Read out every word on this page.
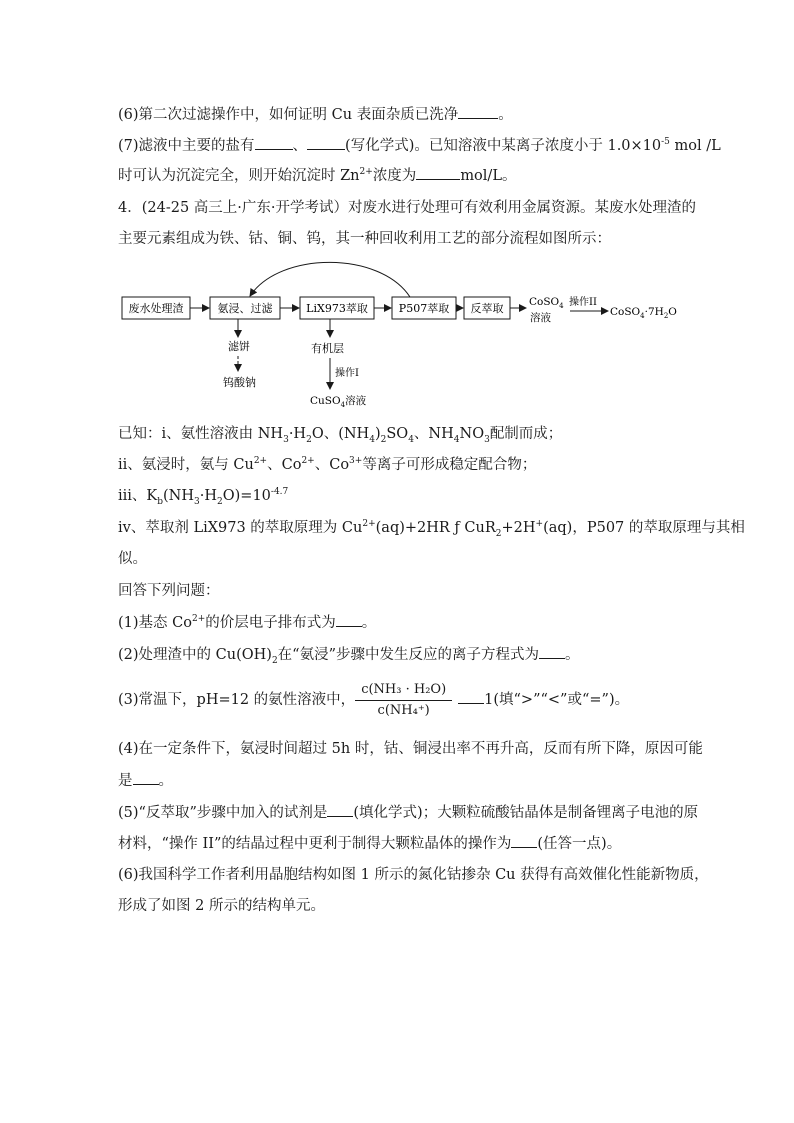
(6)第二次过滤操作中，如何证明 Cu 表面杂质已洗净	。
(7)滤液中主要的盐有	、	(写化学式)。已知溶液中某离子浓度小于 $1.0\times 10^{-5}$ mol /L
时可认为沉淀完全，则开始沉淀时 $Zn^{2+}$浓度为	mol/L。
4．(24-25 高三上·广东·开学考试）对废水进行处理可有效利用金属资源。某废水处理渣的
主要元素组成为铁、钴、铜、钨，其一种回收利用工艺的部分流程如图所示：
废水处理渣	氨浸、过滤	LiX973萃取	P507萃取 反萃取 CoSO$_4$
溶液
操作II
$CoSO_4\cdot 7H_2O$
滤饼
钨酸钠
有机层
操作I
CuSO$_4$溶液
已知：ⅰ、氨性溶液由 $NH_3\cdot H_2O$、$(NH_4)_2SO_4$、$NH_4NO_3$配制而成；
ⅱ、氨浸时，氨与 $Cu^{2+}$、$Co^{2+}$、$Co^{3+}$等离子可形成稳定配合物；
ⅲ、$K_b(NH_3\cdot H_2O)=10^{-4.7}$
ⅳ、萃取剂 LiX973 的萃取原理为 $Cu^{2+}(aq)+2HR$ ƒ CuR$_2$+2H+(aq)，P507 的萃取原理与其相
似。
回答下列问题：
(1)基态 $Co^{2+}$的价层电子排布式为 。
(2)处理渣中的 $Cu(OH)_2$在“氨浸”步骤中发生反应的离子方程式为 。
(3)常温下，pH=12 的氨性溶液中， $\frac{\text{c(NH₃ · H₂O)}}{\text{c(NH₄⁺)}} 1$(填“>”“<”或“=”)。
(4)在一定条件下，氨浸时间超过 5h 时，钴、铜浸出率不再升高，反而有所下降，原因可能
是 。
(5)“反萃取”步骤中加入的试剂是 (填化学式)；大颗粒硫酸钴晶体是制备锂离子电池的原
材料，“操作 II”的结晶过程中更利于制得大颗粒晶体的操作为 (任答一点)。
(6)我国科学工作者利用晶胞结构如图 1 所示的氮化钴掺杂 Cu 获得有高效催化性能新物质，
形成了如图 2 所示的结构单元。
